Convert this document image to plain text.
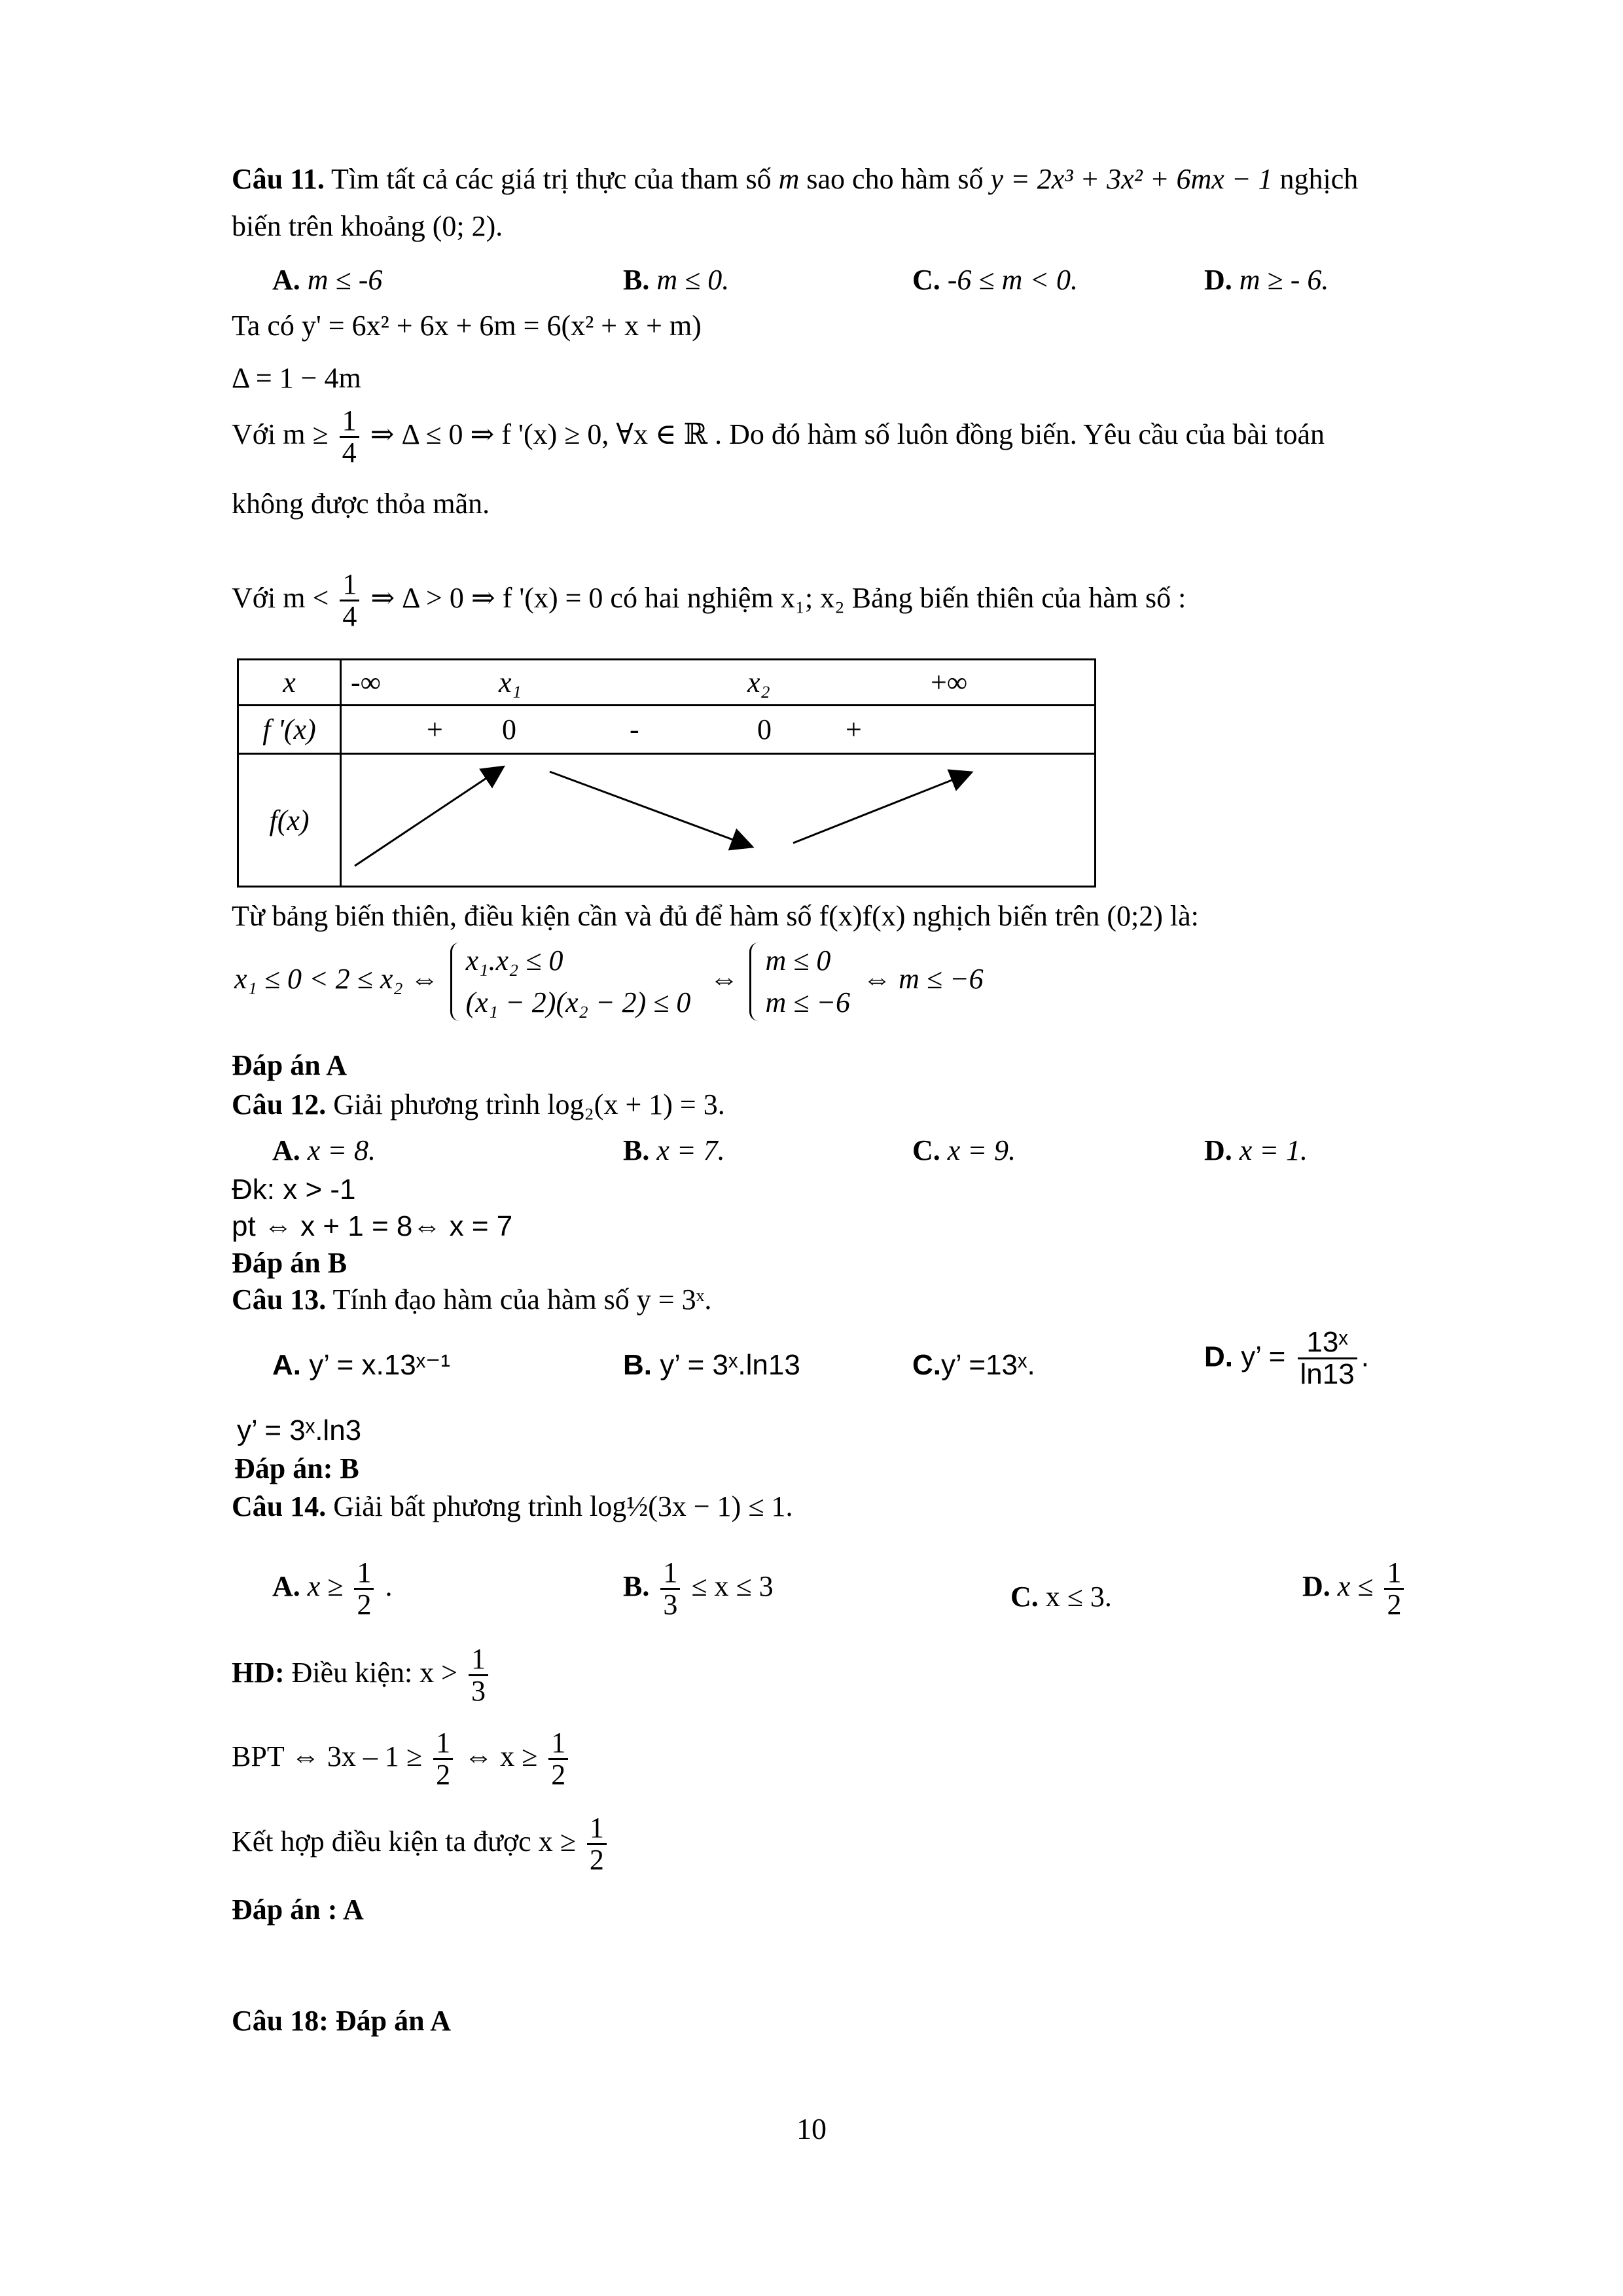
Câu 11. Tìm tất cả các giá trị thực của tham số m sao cho hàm số y = 2x³ + 3x² + 6mx − 1 nghịch
biến trên khoảng (0; 2).
A. m ≤ -6	B. m ≤ 0.	C. -6 ≤ m < 0.	D. m ≥ - 6.
Ta có y' = 6x² + 6x + 6m = 6(x² + x + m)
Δ = 1 − 4m
Với $m \ge \frac{1}{4}$ ⇒ Δ ≤ 0 ⇒ f '(x) ≥ 0, ∀x ∈ ℝ . Do đó hàm số luôn đồng biến. Yêu cầu của bài toán
không được thỏa mãn.
Với $m < \frac{1}{4}$ ⇒ Δ > 0 ⇒ f '(x) = 0 có hai nghiệm x₁; x₂ Bảng biến thiên của hàm số :
x	-∞ x₁ x₂ +∞

f '(x)	+ 0 - 0 +

f(x)	
Từ bảng biến thiên, điều kiện cần và đủ để hàm số f(x)f(x) nghịch biến trên (0;2) là:
x₁ ≤ 0 < 2 ≤ x₂ ⇔
x₁.x₂ ≤ 0
(x₁ − 2)(x₂ − 2) ≤ 0
⇔
m ≤ 0
m ≤ −6
⇔ m ≤ −6
Đáp án A
Câu 12. Giải phương trình log₂(x + 1) = 3.
A. x = 8.	B. x = 7.	C. x = 9.	D. x = 1.
Đk: x > -1
pt ⇔ x + 1 = 8⇔ x = 7
Đáp án B
Câu 13. Tính đạo hàm của hàm số y = 3ˣ.
A. y’ = x.13ˣ⁻¹	B. y’ = 3ˣ.ln13	C.y’ =13ˣ.	D. y’ = $\frac{\text{13ˣ}}{\ln 13}$ .
y’ = 3ˣ.ln3
Đáp án: B
Câu 14. Giải bất phương trình log½(3x − 1) ≤ 1.
A. $x \ge \frac{1}{2}$ .	B. $\frac{1}{3} \le x \le 3$	C. x ≤ 3.	D. $x \le \frac{1}{2}$
HD: Điều kiện: $x > \frac{1}{3}$
BPT ⇔ $3x - 1 \ge \frac{1}{2}$ ⇔ $x \ge \frac{1}{2}$
Kết hợp điều kiện ta được $x \ge \frac{1}{2}$
Đáp án : A
Câu 18: Đáp án A
10
